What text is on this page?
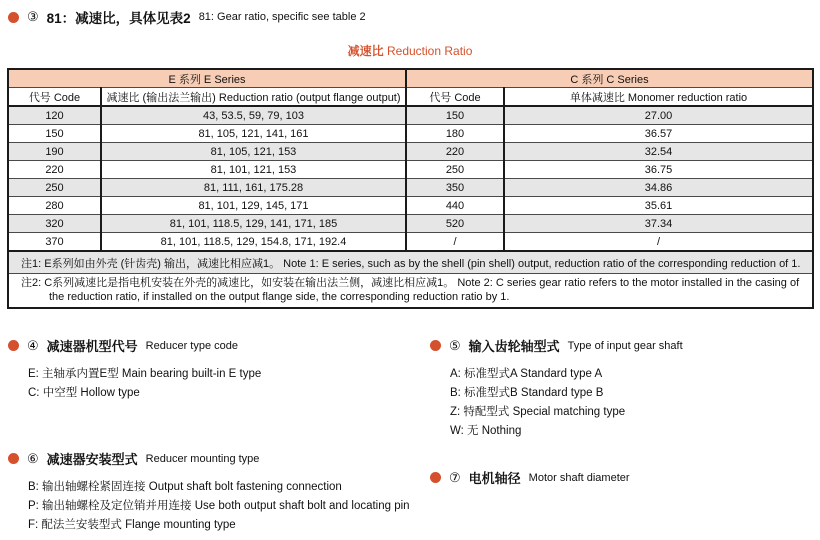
③ 81：减速比，具体见表2 81: Gear ratio, specific see table 2
减速比 Reduction Ratio
E 系列 E Series		C 系列 C Series	
代号 Code	减速比 (输出法兰输出) Reduction ratio (output flange output)	代号 Code	单体减速比 Monomer reduction ratio
120	43, 53.5, 59, 79, 103	150	27.00
150	81, 105, 121, 141, 161	180	36.57
190	81, 105, 121, 153	220	32.54
220	81, 101, 121, 153	250	36.75
250	81, 111, 161, 175.28	350	34.86
280	81, 101, 129, 145, 171	440	35.61
320	81, 101, 118.5, 129, 141, 171, 185	520	37.34
370	81, 101, 118.5, 129, 154.8, 171, 192.4	/	/
注1: E系列如由外壳 (针齿壳) 输出，减速比相应减1。 Note 1: E series, such as by the shell (pin shell) output, reduction ratio of the corresponding reduction of 1.			
注2: C系列减速比是指电机安装在外壳的减速比，如安装在输出法兰侧，减速比相应减1。 Note 2: C series gear ratio refers to the motor installed in the casing of
the reduction ratio, if installed on the output flange side, the corresponding reduction ratio by 1.			
④ 减速器机型代号 Reducer type code
E: 主轴承内置E型 Main bearing built-in E type
C: 中空型 Hollow type
⑤ 输入齿轮轴型式 Type of input gear shaft
A: 标准型式A Standard type A
B: 标准型式B Standard type B
Z: 特配型式 Special matching type
W: 无 Nothing
⑥ 减速器安装型式 Reducer mounting type
B: 输出轴螺栓紧固连接 Output shaft bolt fastening connection
P: 输出轴螺栓及定位销并用连接 Use both output shaft bolt and locating pin
F: 配法兰安装型式 Flange mounting type
⑦ 电机轴径 Motor shaft diameter
